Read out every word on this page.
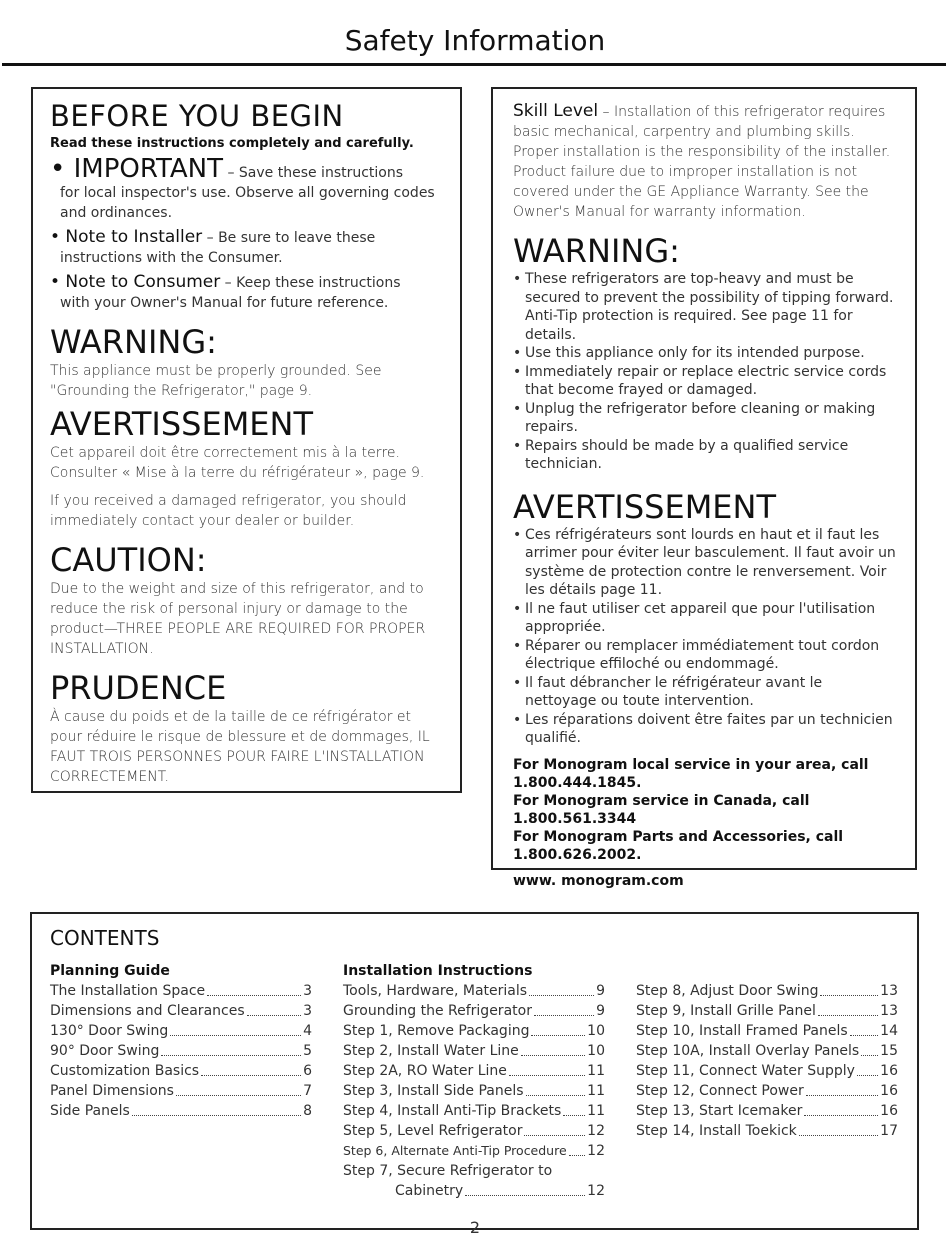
Safety Information
BEFORE YOU BEGIN
Read these instructions completely and carefully.
• IMPORTANT – Save these instructions
for local inspector's use. Observe all governing codes and ordinances.
• Note to Installer – Be sure to leave these
instructions with the Consumer.
• Note to Consumer – Keep these instructions
with your Owner's Manual for future reference.
WARNING:
This appliance must be properly grounded. See "Grounding the Refrigerator," page 9.
AVERTISSEMENT
Cet appareil doit être correctement mis à la terre. Consulter « Mise à la terre du réfrigérateur », page 9.
If you received a damaged refrigerator, you should immediately contact your dealer or builder.
CAUTION:
Due to the weight and size of this refrigerator, and to reduce the risk of personal injury or damage to the product—THREE PEOPLE ARE REQUIRED FOR PROPER INSTALLATION.
PRUDENCE
À cause du poids et de la taille de ce réfrigérator et pour réduire le risque de blessure et de dommages, IL FAUT TROIS PERSONNES POUR FAIRE L'INSTALLATION CORRECTEMENT.
Skill Level – Installation of this refrigerator requires basic mechanical, carpentry and plumbing skills. Proper installation is the responsibility of the installer. Product failure due to improper installation is not covered under the GE Appliance Warranty. See the Owner's Manual for warranty information.
WARNING:
• These refrigerators are top-heavy and must be secured to prevent the possibility of tipping forward. Anti-Tip protection is required. See page 11 for details.
• Use this appliance only for its intended purpose.
• Immediately repair or replace electric service cords that become frayed or damaged.
• Unplug the refrigerator before cleaning or making repairs.
• Repairs should be made by a qualified service technician.
AVERTISSEMENT
• Ces réfrigérateurs sont lourds en haut et il faut les arrimer pour éviter leur basculement. Il faut avoir un système de protection contre le renversement. Voir les détails page 11.
• Il ne faut utiliser cet appareil que pour l'utilisation appropriée.
• Réparer ou remplacer immédiatement tout cordon électrique effiloché ou endommagé.
• Il faut débrancher le réfrigérateur avant le nettoyage ou toute intervention.
• Les réparations doivent être faites par un technicien qualifié.
For Monogram local service in your area, call 1.800.444.1845.
For Monogram service in Canada, call 1.800.561.3344
For Monogram Parts and Accessories, call 1.800.626.2002.
www. monogram.com
CONTENTS
Planning Guide
The Installation Space	3
Dimensions and Clearances	3
130° Door Swing	4
90° Door Swing	5
Customization Basics	6
Panel Dimensions	7
Side Panels	8
Installation Instructions
Tools, Hardware, Materials	9
Grounding the Refrigerator	9
Step 1, Remove Packaging	10
Step 2, Install Water Line	10
Step 2A, RO Water Line	11
Step 3, Install Side Panels	11
Step 4, Install Anti-Tip Brackets 11
Step 5, Level Refrigerator	12
Step 6, Alternate Anti-Tip Procedure 12
Step 7, Secure Refrigerator to
Cabinetry	12
Step 8, Adjust Door Swing	13
Step 9, Install Grille Panel	13
Step 10, Install Framed Panels 14
Step 10A, Install Overlay Panels 15
Step 11, Connect Water Supply 16
Step 12, Connect Power	16
Step 13, Start Icemaker	16
Step 14, Install Toekick	17
2
